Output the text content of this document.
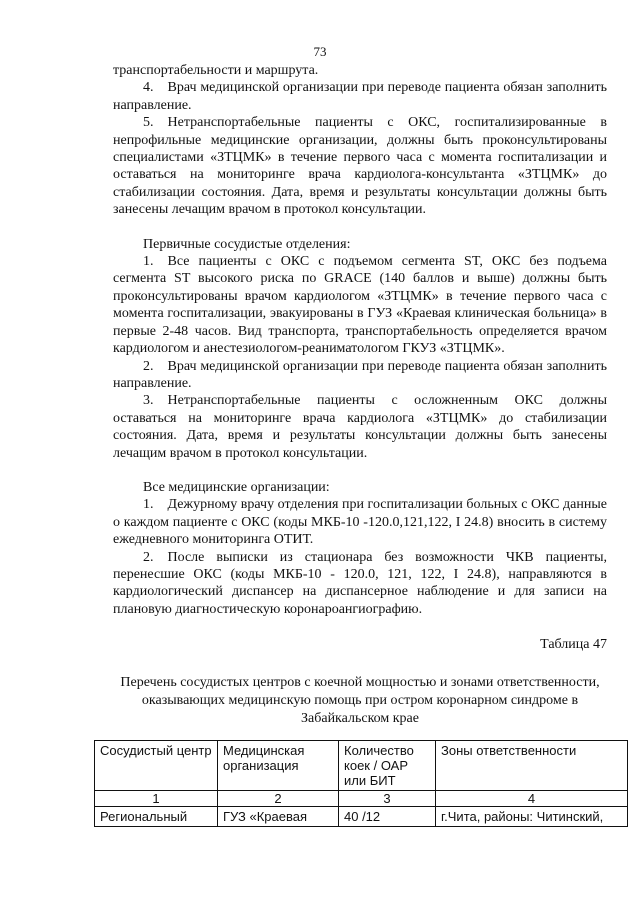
73

транспортабельности и маршрута.

4. Врач медицинской организации при переводе пациента обязан заполнить направление.

5. Нетранспортабельные пациенты с ОКС, госпитализированные в непрофильные медицинские организации, должны быть проконсультированы специалистами «ЗТЦМК» в течение первого часа с момента госпитализации и оставаться на мониторинге врача кардиолога-консультанта «ЗТЦМК» до стабилизации состояния. Дата, время и результаты консультации должны быть занесены лечащим врачом в протокол консультации.

Первичные сосудистые отделения:

1. Все пациенты с ОКС с подъемом сегмента ST, ОКС без подъема сегмента ST высокого риска по GRACE (140 баллов и выше) должны быть проконсультированы врачом кардиологом «ЗТЦМК» в течение первого часа с момента госпитализации, эвакуированы в ГУЗ «Краевая клиническая больница» в первые 2-48 часов. Вид транспорта, транспортабельность определяется врачом кардиологом и анестезиологом-реаниматологом ГКУЗ «ЗТЦМК».

2. Врач медицинской организации при переводе пациента обязан заполнить направление.

3. Нетранспортабельные пациенты с осложненным ОКС должны оставаться на мониторинге врача кардиолога «ЗТЦМК» до стабилизации состояния. Дата, время и результаты консультации должны быть занесены лечащим врачом в протокол консультации.

Все медицинские организации:

1. Дежурному врачу отделения при госпитализации больных с ОКС данные о каждом пациенте с ОКС (коды МКБ-10 -120.0,121,122, I 24.8) вносить в систему ежедневного мониторинга ОТИТ.

2. После выписки из стационара без возможности ЧКВ пациенты, перенесшие ОКС (коды МКБ-10 - 120.0, 121, 122, I 24.8), направляются в кардиологический диспансер на диспансерное наблюдение и для записи на плановую диагностическую коронароангиографию.

Таблица 47

Перечень сосудистых центров с коечной мощностью и зонами ответственности, оказывающих медицинскую помощь при остром коронарном синдроме в Забайкальском крае

Сосудистый центр	Медицинская организация	Количество коек / ОАР или БИТ	Зоны ответственности
1	2	3	4
Региональный	ГУЗ «Краевая	40 /12	г.Чита, районы: Читинский,
